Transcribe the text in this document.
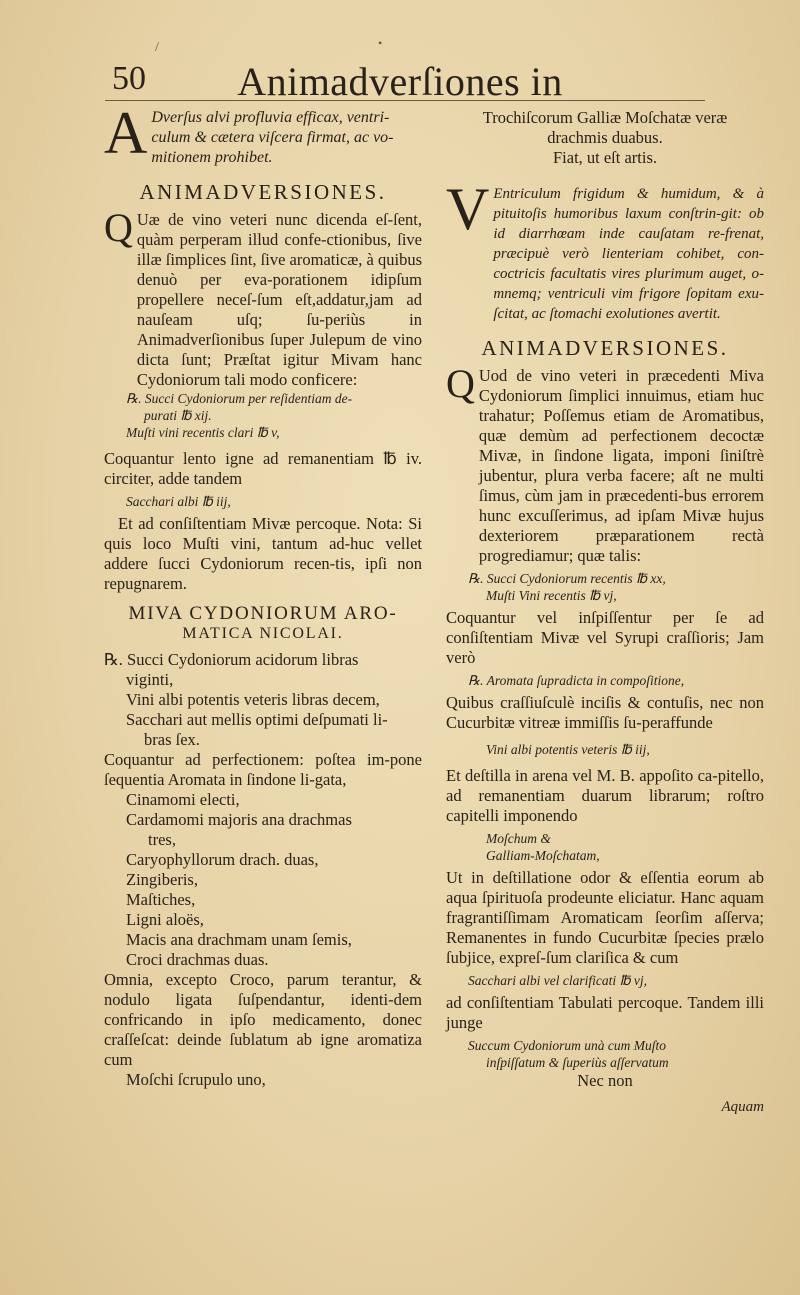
/	•
50	Animadverſiones in
A Dverſus alvi profluvia efficax, ventri-
culum & cætera viſcera firmat, ac vo-
mitionem prohibet.
ANIMADVERSIONES.
Q Uæ de vino veteri nunc dicenda eſ-ſent, quàm perperam illud confe-ctionibus, ſive illæ ſimplices ſint, ſive aromaticæ, à quibus denuò per eva-porationem idipſum propellere neceſ-ſum eſt,addatur,jam ad nauſeam uſq; ſu-periùs in Animadverſionibus ſuper Julepum de vino dicta ſunt; Præſtat igitur Mivam hanc Cydoniorum tali modo conficere:

℞. Succi Cydoniorum per reſidentiam de-
purati ℔ xij.
Muſti vini recentis clari ℔ v,

Coquantur lento igne ad remanentiam ℔ iv. circiter, adde tandem

Sacchari albi ℔ iij,

Et ad conſiſtentiam Mivæ percoque. Nota: Si quis loco Muſti vini, tantum ad-huc vellet addere ſucci Cydoniorum recen-tis, ipſi non repugnarem.

MIVA CYDONIORUM ARO-
MATICA NICOLAI.
℞. Succi Cydoniorum acidorum libras
viginti,
Vini albi potentis veteris libras decem,
Sacchari aut mellis optimi deſpumati li-
bras ſex.

Coquantur ad perfectionem: poſtea im-pone ſequentia Aromata in ſindone li-gata,

Cinamomi electi,
Cardamomi majoris ana drachmas
tres,
Caryophyllorum drach. duas,
Zingiberis,
Maſtiches,
Ligni aloës,
Macis ana drachmam unam ſemis,
Croci drachmas duas.

Omnia, excepto Croco, parum terantur, & nodulo ligata ſuſpendantur, identi-dem confricando in ipſo medicamento, donec craſſeſcat: deinde ſublatum ab igne aromatiza cum

Moſchi ſcrupulo uno,
Trochiſcorum Galliæ Moſchatæ veræ
drachmis duabus.
Fiat, ut eſt artis.
V Entriculum frigidum & humidum, & à pituitoſis humoribus laxum conſtrin-git: ob id diarrhœam inde cauſatam re-frenat, præcipuè verò lienteriam cohibet, con-coctricis facultatis vires plurimum auget, o-mnemq; ventriculi vim frigore ſopitam exu-ſcitat, ac ſtomachi exolutiones avertit.

ANIMADVERSIONES.
Q Uod de vino veteri in præcedenti Miva Cydoniorum ſimplici innuimus, etiam huc trahatur; Poſſemus etiam de Aromatibus, quæ demùm ad perfectionem decoctæ Mivæ, in ſindone ligata, imponi ſiniſtrè jubentur, plura verba facere; aſt ne multi ſimus, cùm jam in præcedenti-bus errorem hunc excuſſerimus, ad ipſam Mivæ hujus dexteriorem præparationem rectà progrediamur; quæ talis:

℞. Succi Cydoniorum recentis ℔ xx,
Muſti Vini recentis ℔ vj,

Coquantur vel inſpiſſentur per ſe ad conſiſtentiam Mivæ vel Syrupi craſſioris; Jam verò

℞. Aromata ſupradicta in compoſitione,

Quibus craſſiuſculè inciſis & contuſis, nec non Cucurbitæ vitreæ immiſſis ſu-peraffunde

Vini albi potentis veteris ℔ iij,

Et deſtilla in arena vel M. B. appoſito ca-pitello, ad remanentiam duarum librarum; roſtro capitelli imponendo

Moſchum &
Galliam-Moſchatam,

Ut in deſtillatione odor & eſſentia eorum ab aqua ſpirituoſa prodeunte eliciatur. Hanc aquam fragrantiſſimam Aromaticam ſeorſim aſſerva; Remanentes in fundo Cucurbitæ ſpecies prælo ſubjice, expreſ-ſum clariſica & cum

Sacchari albi vel clarificati ℔ vj,

ad conſiſtentiam Tabulati percoque. Tandem illi junge

Succum Cydoniorum unà cum Muſto
inſpiſſatum & ſuperiùs aſſervatum
Nec non
Aquam
